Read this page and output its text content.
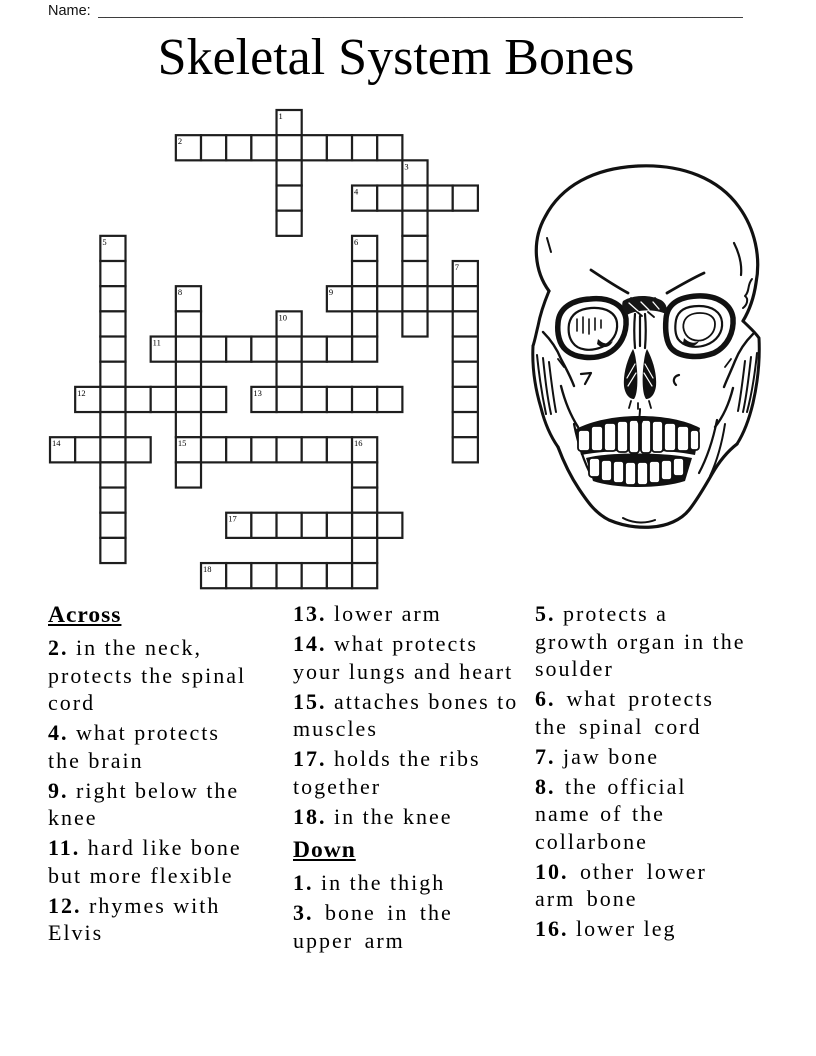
Name: ________________________________________________________________________________
Skeletal System Bones
1
2
3
4
5	6
7
8	9
10
11
12	13
14	15	16
17
18
Across
2. in the neck, protects the spinal cord
4. what protects the brain
9. right below the knee
11. hard like bone but more flexible
12. rhymes with Elvis
13. lower arm
14. what protects your lungs and heart
15. attaches bones to muscles
17. holds the ribs together
18. in the knee
Down
1. in the thigh
3. bone in the upper arm
5. protects a growth organ in the soulder
6. what protects the spinal cord
7. jaw bone
8. the official name of the collarbone
10. other lower arm bone
16. lower leg
